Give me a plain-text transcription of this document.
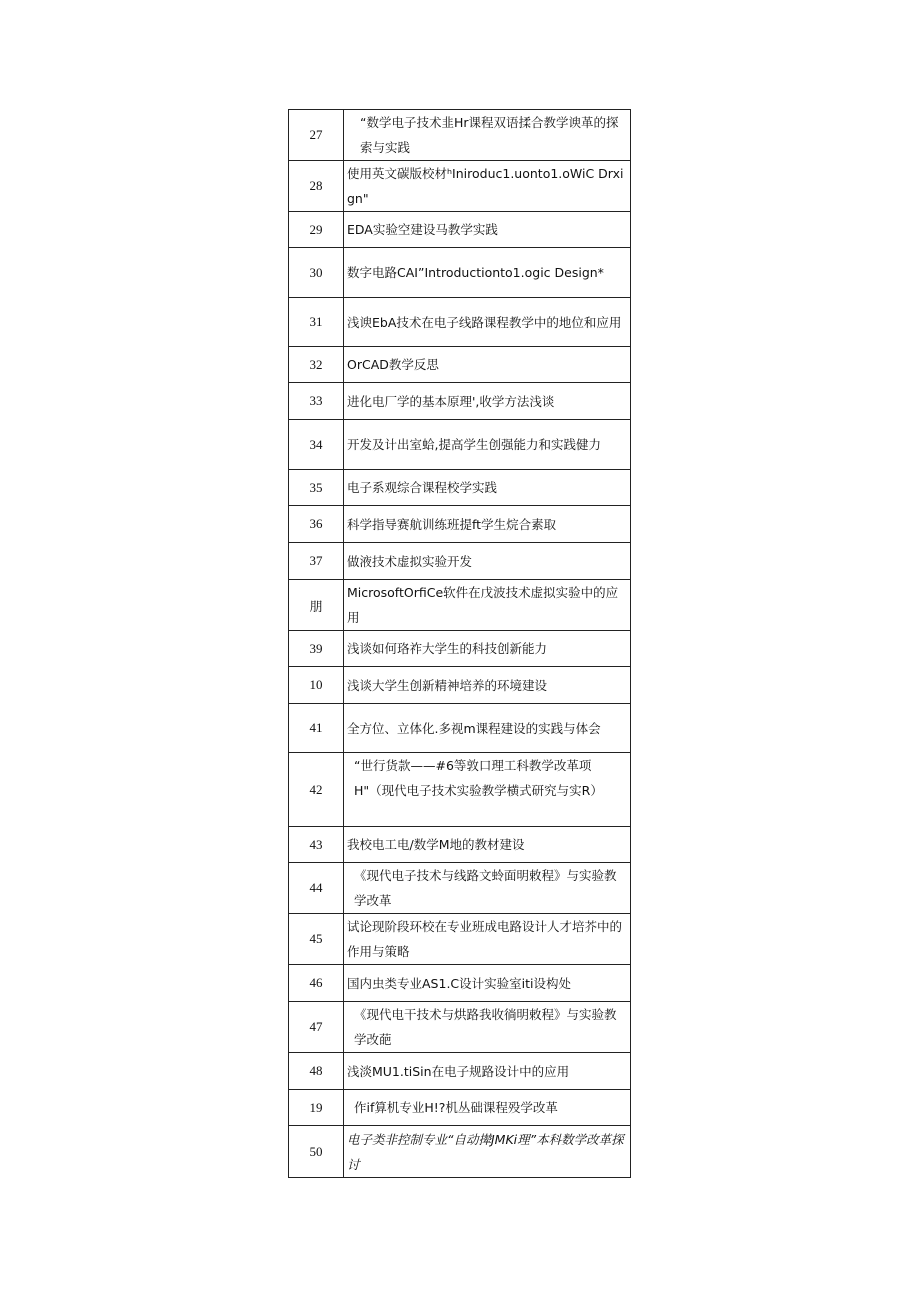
27	“数学电子技术韭Hr课程双语揉合教学谀革的探索与实践
28	使用英文碳版校材ʰIniroduc1.uonto1.oWiC Drxign"
29	EDA实验空建设马教学实践
30	数字电路CAI”Introductionto1.ogic Design*
31	浅谀EbA技术在电子线路课程教学中的地位和应用
32	OrCAD教学反思
33	进化电厂学的基本原理',收学方法浅谈
34	开发及计出室蛤,提高学生创强能力和实践健力
35	电子系观综合课程校学实践
36	科学指导赛航训练班提ft学生烷合素取
37	做液技术虚拟实验开发
朋	MicrosoftOrfiCe软件在戊波技术虚拟实验中的应用
39	浅谈如何珞祚大学生的科技创新能力
10	浅谈大学生创新精神培养的环境建设
41	全方位、立体化.多视m课程建设的实践与体会
42	“世行货款——#6等敦口理工科教学改革项H"（现代电子技术实验教学横式研究与实R）
43	我校电工电/数学M地的教材建设
44	《现代电子技术与线路文蛉面明敕程》与实验教学改革
45	试论现阶段环校在专业班成电路设计人才培芥中的作用与策略
46	国内虫类专业AS1.C设计实验室iti设构处
47	《现代电干技术与烘路我收徜明敕程》与实验教学改葩
48	浅淡MU1.tiSin在电子规路设计中的应用
19	作if算机专业H!?机丛础课程殁学改革
50	电子类非控制专业“自动撵JMKi理”本科数学改革探讨
